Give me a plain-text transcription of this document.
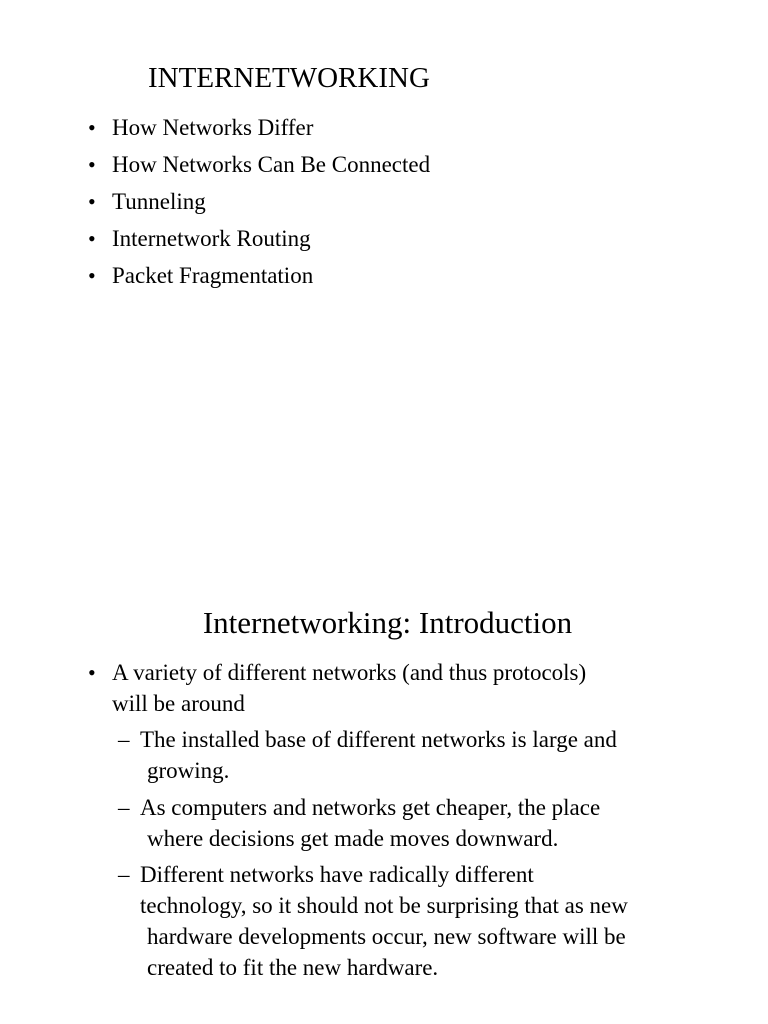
INTERNETWORKING
• How Networks Differ
• How Networks Can Be Connected
• Tunneling
• Internetwork Routing
• Packet Fragmentation
Internetworking: Introduction
• A variety of different networks (and thus protocols)
will be around
– The installed base of different networks is large and
growing.
– As computers and networks get cheaper, the place
where decisions get made moves downward.
– Different networks have radically different
technology, so it should not be surprising that as new
hardware developments occur, new software will be
created to fit the new hardware.
